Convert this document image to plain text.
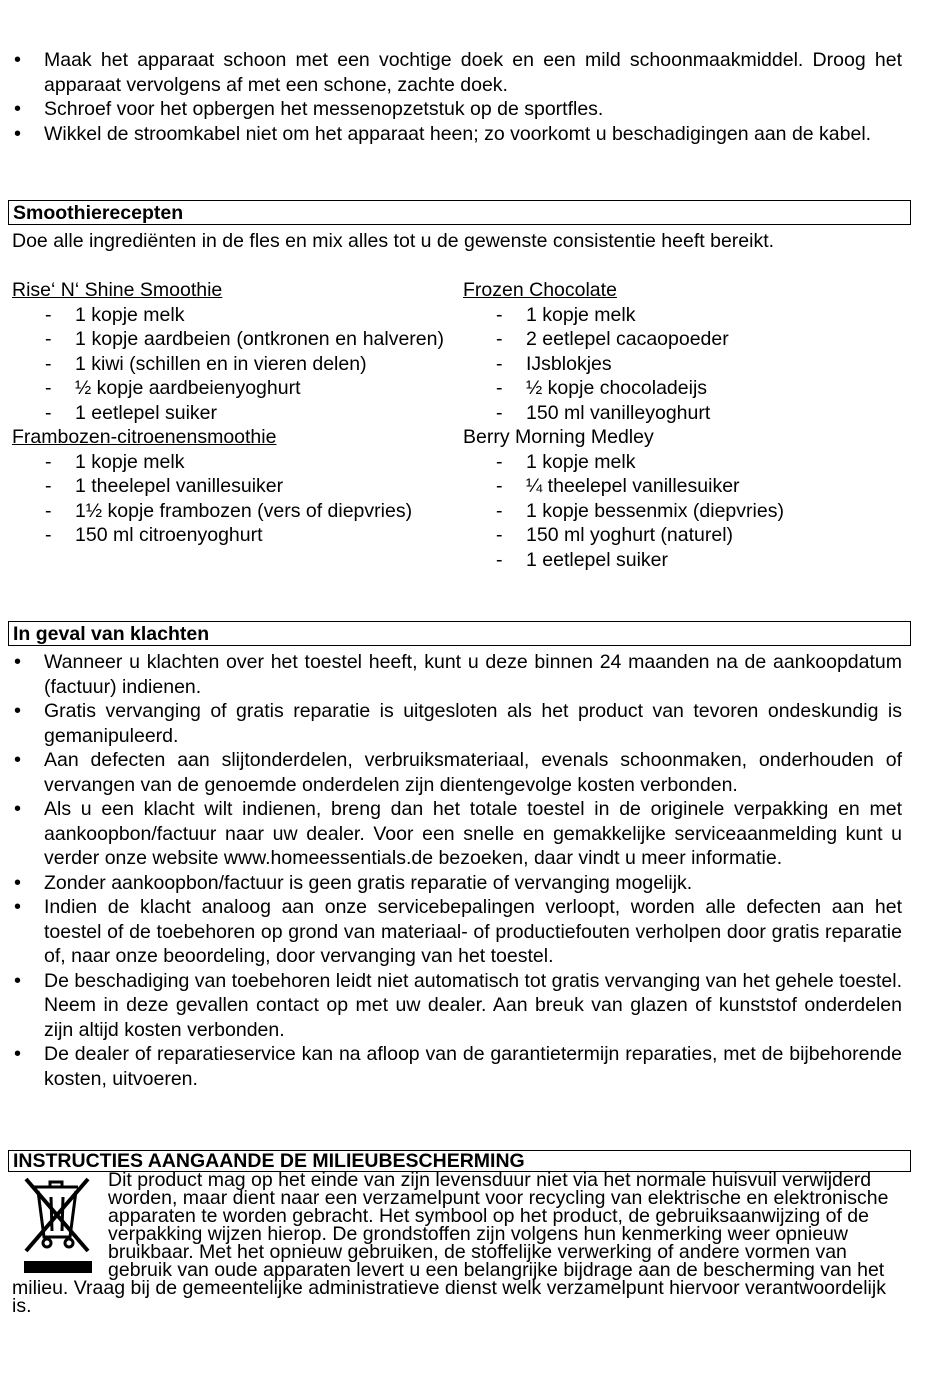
• Maak het apparaat schoon met een vochtige doek en een mild schoonmaakmiddel. Droog het apparaat vervolgens af met een schone, zachte doek.
• Schroef voor het opbergen het messenopzetstuk op de sportfles.
• Wikkel de stroomkabel niet om het apparaat heen; zo voorkomt u beschadigingen aan de kabel.
Smoothierecepten
Doe alle ingrediënten in de fles en mix alles tot u de gewenste consistentie heeft bereikt.
Rise‘ N‘ Shine Smoothie
- 1 kopje melk
- 1 kopje aardbeien (ontkronen en halveren)
- 1 kiwi (schillen en in vieren delen)
- ½ kopje aardbeienyoghurt
- 1 eetlepel suiker
Frambozen-citroenensmoothie
- 1 kopje melk
- 1 theelepel vanillesuiker
- 1½ kopje frambozen (vers of diepvries)
- 150 ml citroenyoghurt
Frozen Chocolate
- 1 kopje melk
- 2 eetlepel cacaopoeder
- IJsblokjes
- ½ kopje chocoladeijs
- 150 ml vanilleyoghurt
Berry Morning Medley
- 1 kopje melk
- ¼ theelepel vanillesuiker
- 1 kopje bessenmix (diepvries)
- 150 ml yoghurt (naturel)
- 1 eetlepel suiker
In geval van klachten
• Wanneer u klachten over het toestel heeft, kunt u deze binnen 24 maanden na de aankoopdatum (factuur) indienen.
• Gratis vervanging of gratis reparatie is uitgesloten als het product van tevoren ondeskundig is gemanipuleerd.
• Aan defecten aan slijtonderdelen, verbruiksmateriaal, evenals schoonmaken, onderhouden of vervangen van de genoemde onderdelen zijn dientengevolge kosten verbonden.
• Als u een klacht wilt indienen, breng dan het totale toestel in de originele verpakking en met aankoopbon/factuur naar uw dealer. Voor een snelle en gemakkelijke serviceaanmelding kunt u verder onze website www.homeessentials.de bezoeken, daar vindt u meer informatie.
• Zonder aankoopbon/factuur is geen gratis reparatie of vervanging mogelijk.
• Indien de klacht analoog aan onze servicebepalingen verloopt, worden alle defecten aan het toestel of de toebehoren op grond van materiaal- of productiefouten verholpen door gratis reparatie of, naar onze beoordeling, door vervanging van het toestel.
• De beschadiging van toebehoren leidt niet automatisch tot gratis vervanging van het gehele toestel. Neem in deze gevallen contact op met uw dealer. Aan breuk van glazen of kunststof onderdelen zijn altijd kosten verbonden.
• De dealer of reparatieservice kan na afloop van de garantietermijn reparaties, met de bijbehorende kosten, uitvoeren.
INSTRUCTIES AANGAANDE DE MILIEUBESCHERMING
Dit product mag op het einde van zijn levensduur niet via het normale huisvuil verwijderd worden, maar dient naar een verzamelpunt voor recycling van elektrische en elektronische apparaten te worden gebracht. Het symbool op het product, de gebruiksaanwijzing of de verpakking wijzen hierop. De grondstoffen zijn volgens hun kenmerking weer opnieuw bruikbaar. Met het opnieuw gebruiken, de stoffelijke verwerking of andere vormen van gebruik van oude apparaten levert u een belangrijke bijdrage aan de bescherming van het milieu. Vraag bij de gemeentelijke administratieve dienst welk verzamelpunt hiervoor verantwoordelijk is.
